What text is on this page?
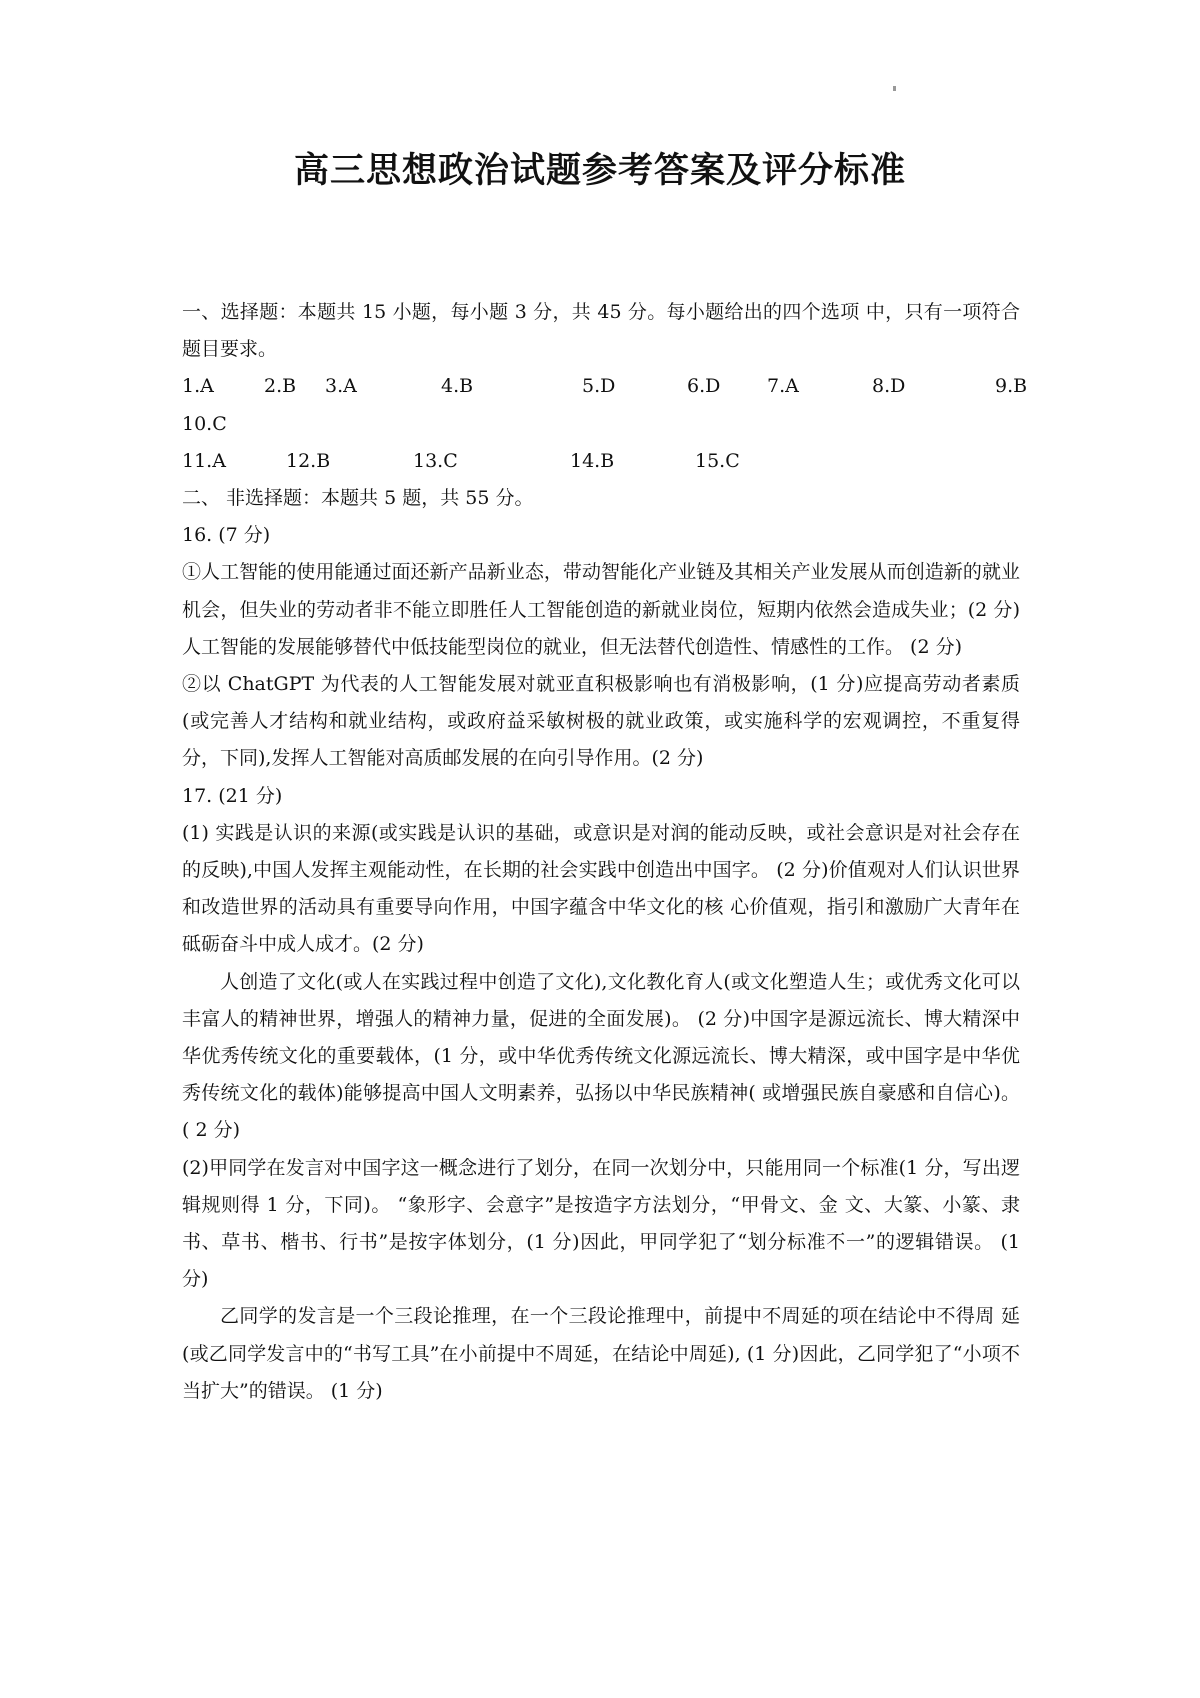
高三思想政治试题参考答案及评分标准

一、选择题：本题共 15 小题，每小题 3 分，共 45 分。每小题给出的四个选项 中，只有一项符合题目要求。

1.A	2.B 3.A	4.B	5.D	6.D 7.A	8.D	9.B
10.C
11.A	12.B	13.C	14.B	15.C

二、 非选择题：本题共 5 题，共 55 分。

16. (7 分)

①人工智能的使用能通过面还新产品新业态，带动智能化产业链及其相关产业发展从而创造新的就业机会，但失业的劳动者非不能立即胜任人工智能创造的新就业岗位，短期内依然会造成失业；(2 分)人工智能的发展能够替代中低技能型岗位的就业，但无法替代创造性、情感性的工作。 (2 分)

②以 ChatGPT 为代表的人工智能发展对就亚直积极影响也有消极影响，(1 分)应提高劳动者素质(或完善人才结构和就业结构，或政府益采敏树极的就业政策，或实施科学的宏观调控，不重复得分，下同),发挥人工智能对高质邮发展的在向引导作用。(2 分)

17. (21 分)

(1) 实践是认识的来源(或实践是认识的基础，或意识是对润的能动反映，或社会意识是对社会存在的反映),中国人发挥主观能动性，在长期的社会实践中创造出中国字。 (2 分)价值观对人们认识世界和改造世界的活动具有重要导向作用，中国字蕴含中华文化的核 心价值观，指引和激励广大青年在砥砺奋斗中成人成才。(2 分)

人创造了文化(或人在实践过程中创造了文化),文化教化育人(或文化塑造人生；或优秀文化可以丰富人的精神世界，增强人的精神力量，促进的全面发展)。 (2 分)中国字是源远流长、博大精深中华优秀传统文化的重要载体，(1 分，或中华优秀传统文化源远流长、博大精深，或中国字是中华优秀传统文化的载体)能够提高中国人文明素养，弘扬以中华民族精神( 或增强民族自豪感和自信心)。 ( 2 分)

(2)甲同学在发言对中国字这一概念进行了划分，在同一次划分中，只能用同一个标准(1 分，写出逻辑规则得 1 分，下同)。 “象形字、会意字”是按造字方法划分，“甲骨文、金 文、大篆、小篆、隶书、草书、楷书、行书”是按字体划分，(1 分)因此，甲同学犯了“划分标准不一”的逻辑错误。 (1 分)

乙同学的发言是一个三段论推理，在一个三段论推理中，前提中不周延的项在结论中不得周 延(或乙同学发言中的“书写工具”在小前提中不周延，在结论中周延), (1 分)因此，乙同学犯了“小项不当扩大”的错误。 (1 分)
